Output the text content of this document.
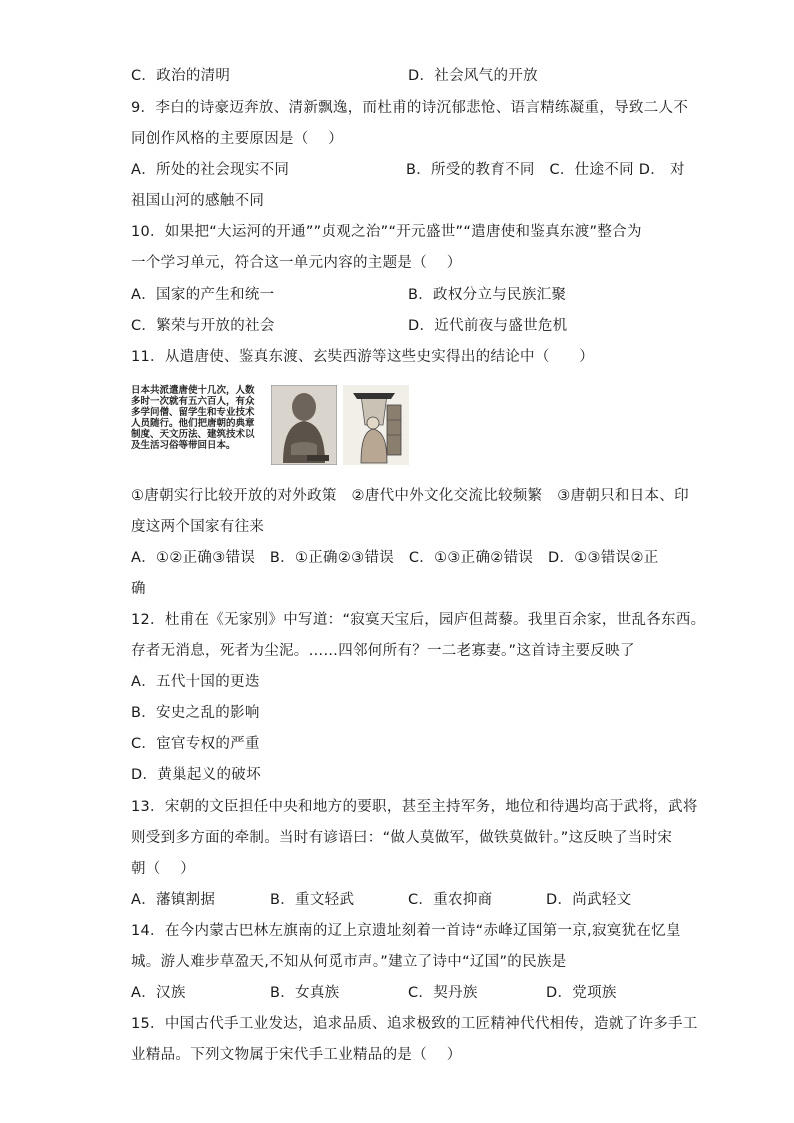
C．政治的清明	D．社会风气的开放
9．李白的诗豪迈奔放、清新飘逸，而杜甫的诗沉郁悲怆、语言精练凝重，导致二人不
同创作风格的主要原因是（　 ）
A．所处的社会现实不同	B．所受的教育不同　C．仕途不同 D． 对
祖国山河的感触不同
10．如果把“大运河的开通””贞观之治”“开元盛世”“遣唐使和鉴真东渡”整合为
一个学习单元，符合这一单元内容的主题是（　 ）
A．国家的产生和统一	B．政权分立与民族汇聚
C．繁荣与开放的社会	D．近代前夜与盛世危机
11．从遣唐使、鉴真东渡、玄奘西游等这些史实得出的结论中（　　）
日本共派遣唐使十几次，人数多时一次就有五六百人，有众多学问僧、留学生和专业技术人员随行。他们把唐朝的典章制度、天文历法、建筑技术以及生活习俗等带回日本。
①唐朝实行比较开放的对外政策　②唐代中外文化交流比较频繁　③唐朝只和日本、印
度这两个国家有往来
A．①②正确③错误　B．①正确②③错误　C．①③正确②错误　D．①③错误②正
确
12．杜甫在《无家别》中写道：“寂寞天宝后，园庐但蒿藜。我里百余家，世乱各东西。
存者无消息，死者为尘泥。……四邻何所有？一二老寡妻。”这首诗主要反映了
A．五代十国的更迭
B．安史之乱的影响
C．宦官专权的严重
D．黄巢起义的破坏
13．宋朝的文臣担任中央和地方的要职，甚至主持军务，地位和待遇均高于武将，武将
则受到多方面的牵制。当时有谚语曰：“做人莫做军，做铁莫做针。”这反映了当时宋
朝（　 ）
A．藩镇割据	B．重文轻武	C．重农抑商	D．尚武轻文
14．在今内蒙古巴林左旗南的辽上京遗址刻着一首诗“赤峰辽国第一京,寂寞犹在忆皇
城。游人难步草盈天,不知从何觅市声。”建立了诗中“辽国”的民族是
A．汉族	B．女真族	C．契丹族	D．党项族
15．中国古代手工业发达，追求品质、追求极致的工匠精神代代相传，造就了许多手工
业精品。下列文物属于宋代手工业精品的是（　 ）
